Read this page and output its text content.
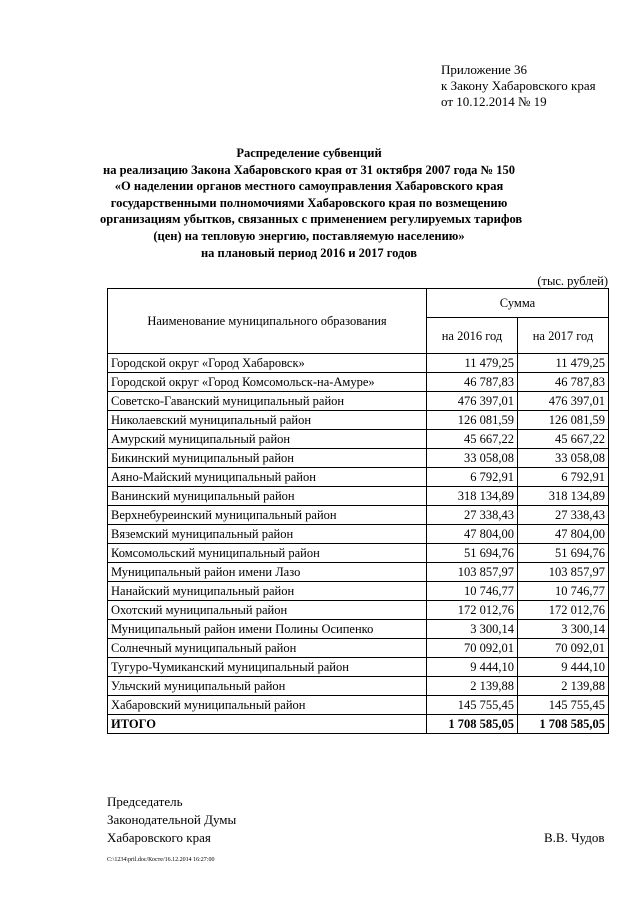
Приложение 36
к Закону Хабаровского края
от 10.12.2014 № 19
Распределение субвенций
на реализацию Закона Хабаровского края от 31 октября 2007 года № 150
«О наделении органов местного самоуправления Хабаровского края
государственными полномочиями Хабаровского края по возмещению
организациям убытков, связанных с применением регулируемых тарифов
(цен) на тепловую энергию, поставляемую населению»
на плановый период 2016 и 2017 годов
(тыс. рублей)
Наименование муниципального образования	Сумма	
	на 2016 год	на 2017 год
Городской округ «Город Хабаровск»	11 479,25	11 479,25
Городской округ «Город Комсомольск-на-Амуре»	46 787,83	46 787,83
Советско-Гаванский муниципальный район	476 397,01	476 397,01
Николаевский муниципальный район	126 081,59	126 081,59
Амурский муниципальный район	45 667,22	45 667,22
Бикинский муниципальный район	33 058,08	33 058,08
Аяно-Майский муниципальный район	6 792,91	6 792,91
Ванинский муниципальный район	318 134,89	318 134,89
Верхнебуреинский муниципальный район	27 338,43	27 338,43
Вяземский муниципальный район	47 804,00	47 804,00
Комсомольский муниципальный район	51 694,76	51 694,76
Муниципальный район имени Лазо	103 857,97	103 857,97
Нанайский муниципальный район	10 746,77	10 746,77
Охотский муниципальный район	172 012,76	172 012,76
Муниципальный район имени Полины Осипенко	3 300,14	3 300,14
Солнечный муниципальный район	70 092,01	70 092,01
Тугуро-Чумиканский муниципальный район	9 444,10	9 444,10
Ульчский муниципальный район	2 139,88	2 139,88
Хабаровский муниципальный район	145 755,45	145 755,45
ИТОГО	1 708 585,05	1 708 585,05
Председатель
Законодательной Думы
Хабаровского края	В.В. Чудов
C:\1234\pril.doc/Косте/16.12.2014 16:27:00
